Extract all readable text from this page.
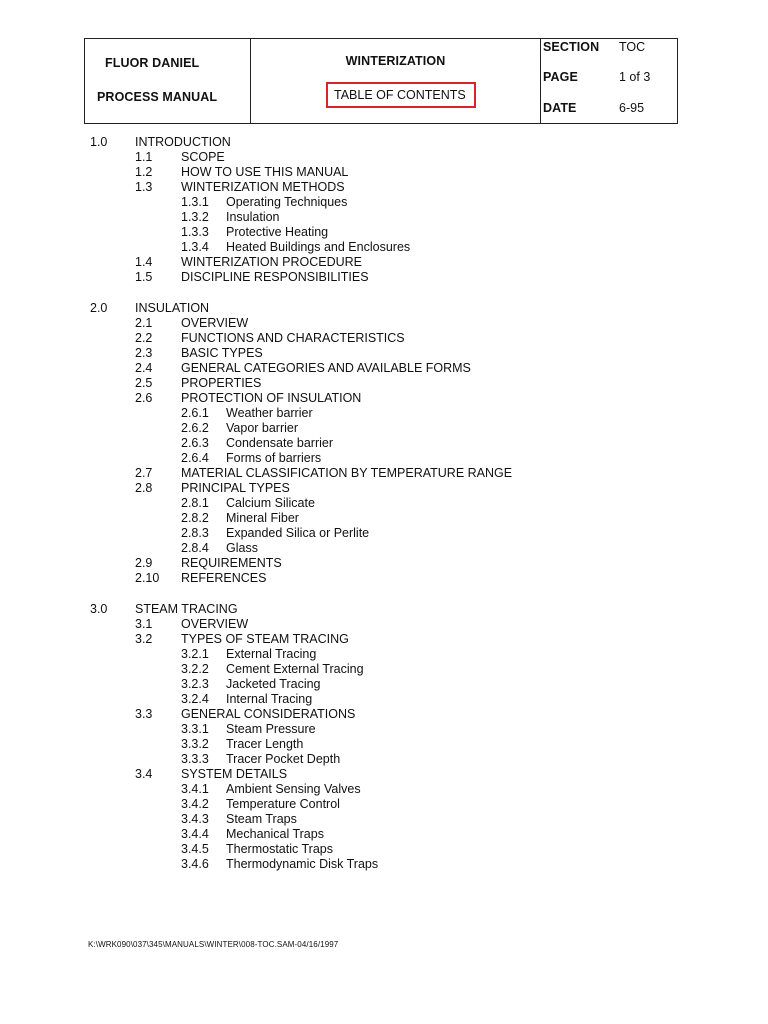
FLUOR DANIEL
PROCESS MANUAL
WINTERIZATION
TABLE OF CONTENTS
SECTION TOC
PAGE	1 of 3
DATE	6-95
1.0 INTRODUCTION
1.1 SCOPE
1.2 HOW TO USE THIS MANUAL
1.3 WINTERIZATION METHODS
1.3.1 Operating Techniques
1.3.2 Insulation
1.3.3 Protective Heating
1.3.4 Heated Buildings and Enclosures
1.4 WINTERIZATION PROCEDURE
1.5 DISCIPLINE RESPONSIBILITIES
2.0 INSULATION
2.1 OVERVIEW
2.2 FUNCTIONS AND CHARACTERISTICS
2.3 BASIC TYPES
2.4 GENERAL CATEGORIES AND AVAILABLE FORMS
2.5 PROPERTIES
2.6 PROTECTION OF INSULATION
2.6.1 Weather barrier
2.6.2 Vapor barrier
2.6.3 Condensate barrier
2.6.4 Forms of barriers
2.7 MATERIAL CLASSIFICATION BY TEMPERATURE RANGE
2.8 PRINCIPAL TYPES
2.8.1 Calcium Silicate
2.8.2 Mineral Fiber
2.8.3 Expanded Silica or Perlite
2.8.4 Glass
2.9 REQUIREMENTS
2.10 REFERENCES
3.0 STEAM TRACING
3.1 OVERVIEW
3.2 TYPES OF STEAM TRACING
3.2.1 External Tracing
3.2.2 Cement External Tracing
3.2.3 Jacketed Tracing
3.2.4 Internal Tracing
3.3 GENERAL CONSIDERATIONS
3.3.1 Steam Pressure
3.3.2 Tracer Length
3.3.3 Tracer Pocket Depth
3.4 SYSTEM DETAILS
3.4.1 Ambient Sensing Valves
3.4.2 Temperature Control
3.4.3 Steam Traps
3.4.4 Mechanical Traps
3.4.5 Thermostatic Traps
3.4.6 Thermodynamic Disk Traps
K:\WRK090\037\345\MANUALS\WINTER\008-TOC.SAM-04/16/1997
